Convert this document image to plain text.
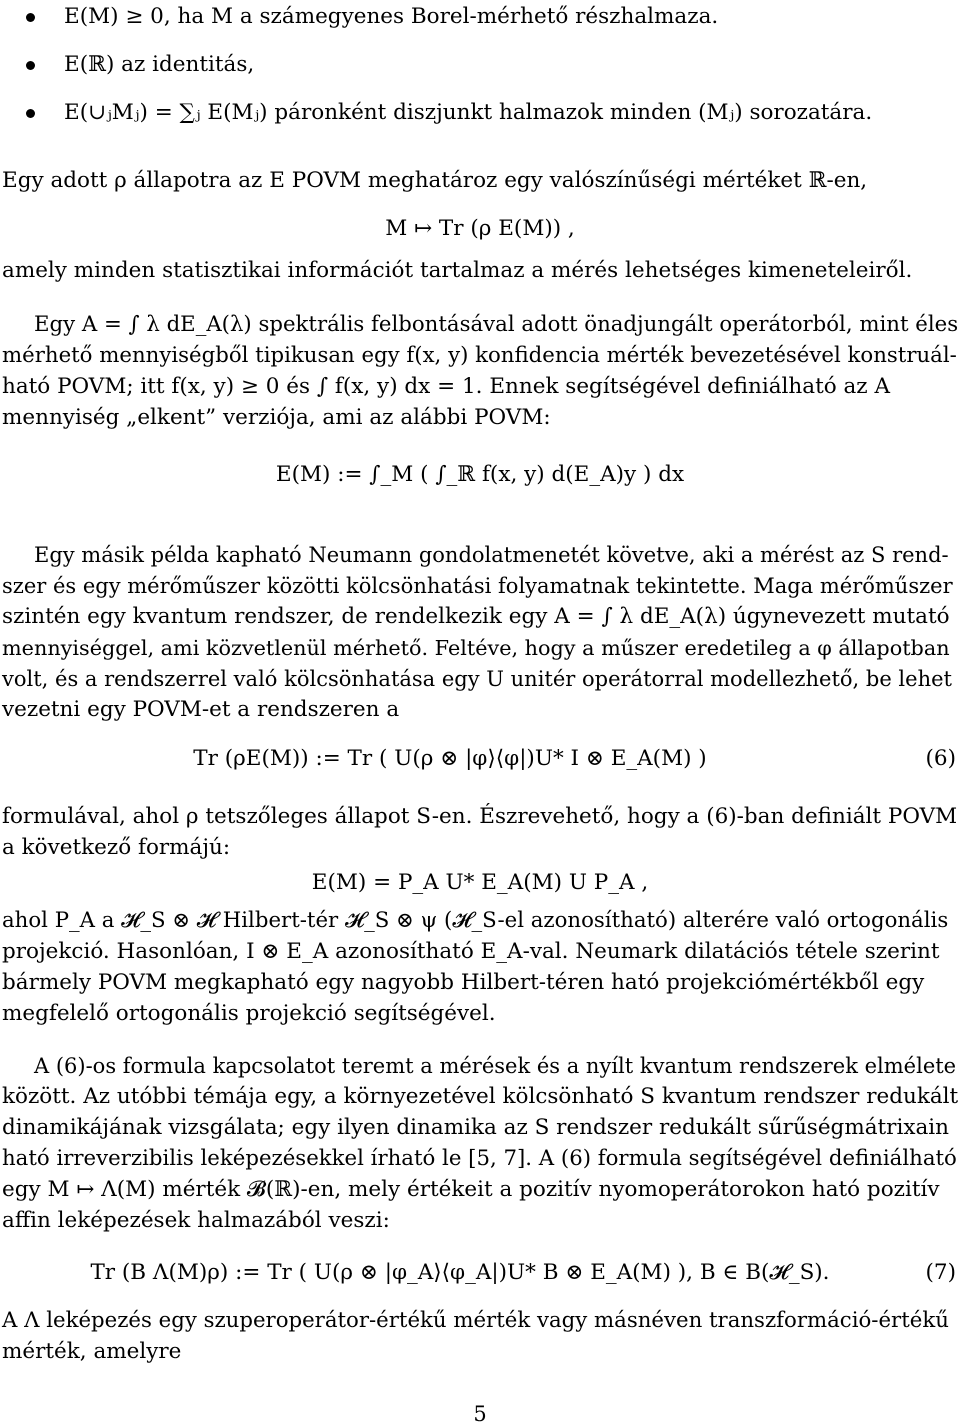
E(M) ≥ 0, ha M a számegyenes Borel-mérhető részhalmaza.
E(ℝ) az identitás,
E(∪ⱼMⱼ) = ∑ⱼ E(Mⱼ) páronként diszjunkt halmazok minden (Mⱼ) sorozatára.
Egy adott ρ állapotra az E POVM meghatároz egy valószínűségi mértéket ℝ-en,
M ↦ Tr (ρ E(M)) ,
amely minden statisztikai információt tartalmaz a mérés lehetséges kimeneteleiről.
Egy A = ∫ λ dE_A(λ) spektrális felbontásával adott önadjungált operátorból, mint éles
mérhető mennyiségből tipikusan egy f(x, y) konfidencia mérték bevezetésével konstruál-
ható POVM; itt f(x, y) ≥ 0 és ∫ f(x, y) dx = 1. Ennek segítségével definiálható az A
mennyiség „elkent” verziója, ami az alábbi POVM:
E(M) := ∫_M ( ∫_ℝ f(x, y) d(E_A)y ) dx
Egy másik példa kapható Neumann gondolatmenetét követve, aki a mérést az S rend-
szer és egy mérőműszer közötti kölcsönhatási folyamatnak tekintette. Maga mérőműszer
szintén egy kvantum rendszer, de rendelkezik egy A = ∫ λ dE_A(λ) úgynevezett mutató
mennyiséggel, ami közvetlenül mérhető. Feltéve, hogy a műszer eredetileg a φ állapotban
volt, és a rendszerrel való kölcsönhatása egy U unitér operátorral modellezhető, be lehet
vezetni egy POVM-et a rendszeren a
Tr (ρE(M)) := Tr ( U(ρ ⊗ |φ⟩⟨φ|)U* I ⊗ E_A(M) )	(6)
formulával, ahol ρ tetszőleges állapot S-en. Észrevehető, hogy a (6)-ban definiált POVM
a következő formájú:
E(M) = P_A U* E_A(M) U P_A ,
ahol P_A a 𝓗_S ⊗ 𝓗 Hilbert-tér 𝓗_S ⊗ ψ (𝓗_S-el azonosítható) alterére való ortogonális
projekció. Hasonlóan, I ⊗ E_A azonosítható E_A-val. Neumark dilatációs tétele szerint
bármely POVM megkapható egy nagyobb Hilbert-téren ható projekciómértékből egy
megfelelő ortogonális projekció segítségével.
A (6)-os formula kapcsolatot teremt a mérések és a nyílt kvantum rendszerek elmélete
között. Az utóbbi témája egy, a környezetével kölcsönható S kvantum rendszer redukált
dinamikájának vizsgálata; egy ilyen dinamika az S rendszer redukált sűrűségmátrixain
ható irreverzibilis leképezésekkel írható le [5, 7]. A (6) formula segítségével definiálható
egy M ↦ Λ(M) mérték 𝓑(ℝ)-en, mely értékeit a pozitív nyomoperátorokon ható pozitív
affin leképezések halmazából veszi:
Tr (B Λ(M)ρ) := Tr ( U(ρ ⊗ |φ_A⟩⟨φ_A|)U* B ⊗ E_A(M) ), B ∈ B(𝓗_S).	(7)
A Λ leképezés egy szuperoperátor-értékű mérték vagy másnéven transzformáció-értékű
mérték, amelyre
5
